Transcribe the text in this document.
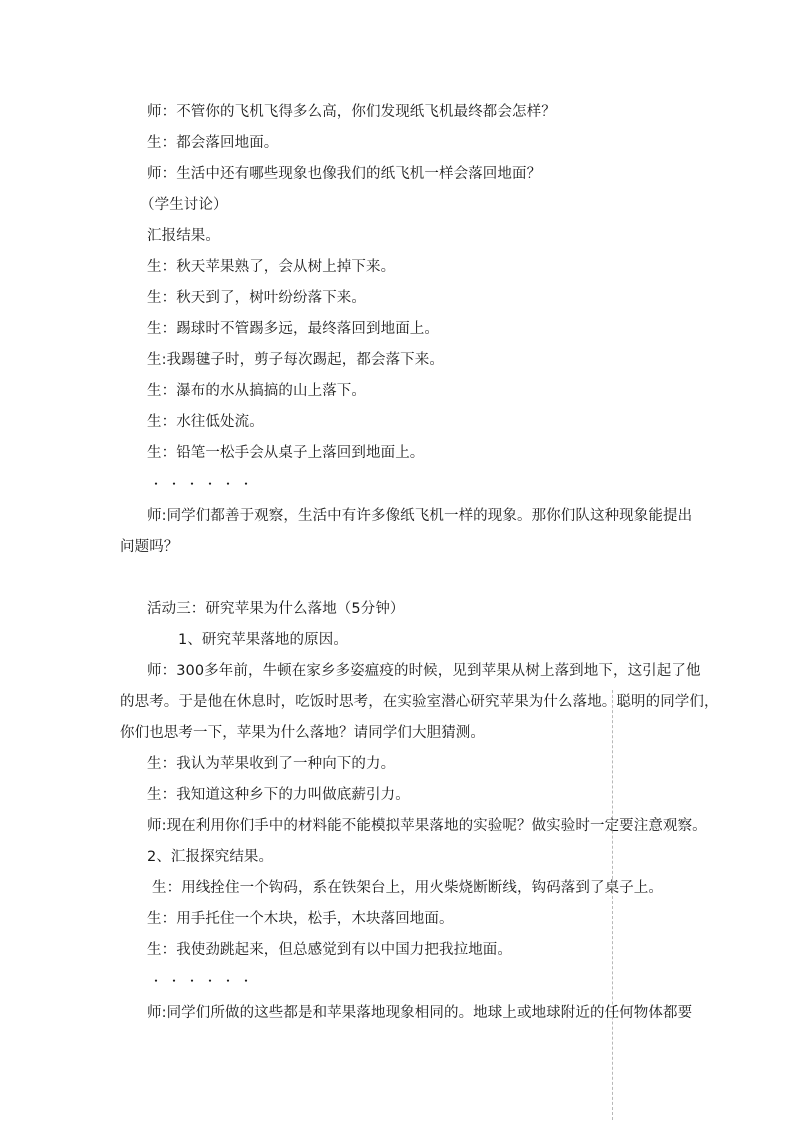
师：不管你的飞机飞得多么高，你们发现纸飞机最终都会怎样？
生：都会落回地面。
师：生活中还有哪些现象也像我们的纸飞机一样会落回地面？
（学生讨论）
汇报结果。
生：秋天苹果熟了，会从树上掉下来。
生：秋天到了，树叶纷纷落下来。
生：踢球时不管踢多远，最终落回到地面上。
生:我踢毽子时，剪子每次踢起，都会落下来。
生：瀑布的水从搞搞的山上落下。
生：水往低处流。
生：铅笔一松手会从桌子上落回到地面上。
・・・・・・
师:同学们都善于观察，生活中有许多像纸飞机一样的现象。那你们队这种现象能提出
问题吗？
活动三：研究苹果为什么落地（5分钟）
1、研究苹果落地的原因。
师：300多年前，牛顿在家乡多姿瘟疫的时候，见到苹果从树上落到地下，这引起了他
的思考。于是他在休息时，吃饭时思考，在实验室潜心研究苹果为什么落地。聪明的同学们，
你们也思考一下，苹果为什么落地？请同学们大胆猜测。
生：我认为苹果收到了一种向下的力。
生：我知道这种乡下的力叫做底薪引力。
师:现在利用你们手中的材料能不能模拟苹果落地的实验呢？做实验时一定要注意观察。
2、汇报探究结果。
生：用线拴住一个钩码，系在铁架台上，用火柴烧断断线，钩码落到了桌子上。
生：用手托住一个木块，松手，木块落回地面。
生：我使劲跳起来，但总感觉到有以中国力把我拉地面。
・・・・・・
师:同学们所做的这些都是和苹果落地现象相同的。地球上或地球附近的任何物体都要
